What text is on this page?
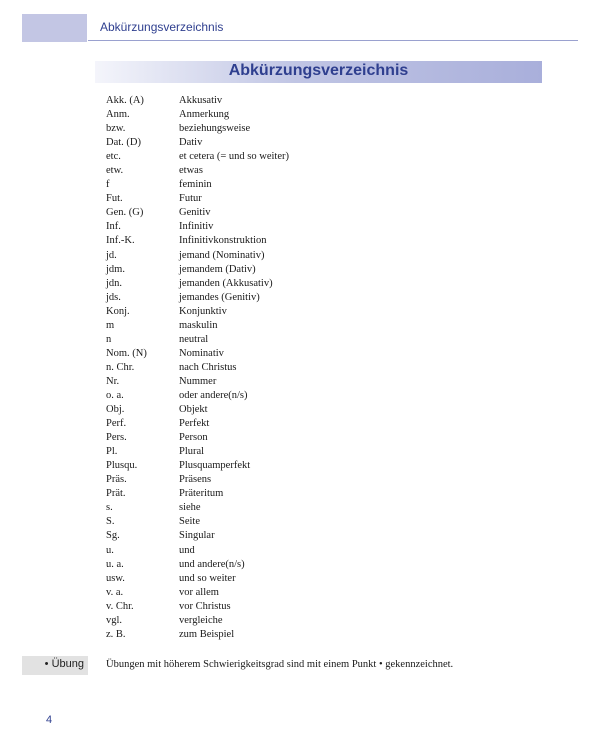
Abkürzungsverzeichnis
Abkürzungsverzeichnis
Akk. (A)	Akkusativ
Anm.	Anmerkung
bzw.	beziehungsweise
Dat. (D)	Dativ
etc.	et cetera (= und so weiter)
etw.	etwas
f	feminin
Fut.	Futur
Gen. (G)	Genitiv
Inf.	Infinitiv
Inf.-K.	Infinitivkonstruktion
jd.	jemand (Nominativ)
jdm.	jemandem (Dativ)
jdn.	jemanden (Akkusativ)
jds.	jemandes (Genitiv)
Konj.	Konjunktiv
m	maskulin
n	neutral
Nom. (N)	Nominativ
n. Chr.	nach Christus
Nr.	Nummer
o. a.	oder andere(n/s)
Obj.	Objekt
Perf.	Perfekt
Pers.	Person
Pl.	Plural
Plusqu.	Plusquamperfekt
Präs.	Präsens
Prät.	Präteritum
s.	siehe
S.	Seite
Sg.	Singular
u.	und
u. a.	und andere(n/s)
usw.	und so weiter
v. a.	vor allem
v. Chr.	vor Christus
vgl.	vergleiche
z. B.	zum Beispiel
• Übung Übungen mit höherem Schwierigkeitsgrad sind mit einem Punkt • gekennzeichnet.
4
